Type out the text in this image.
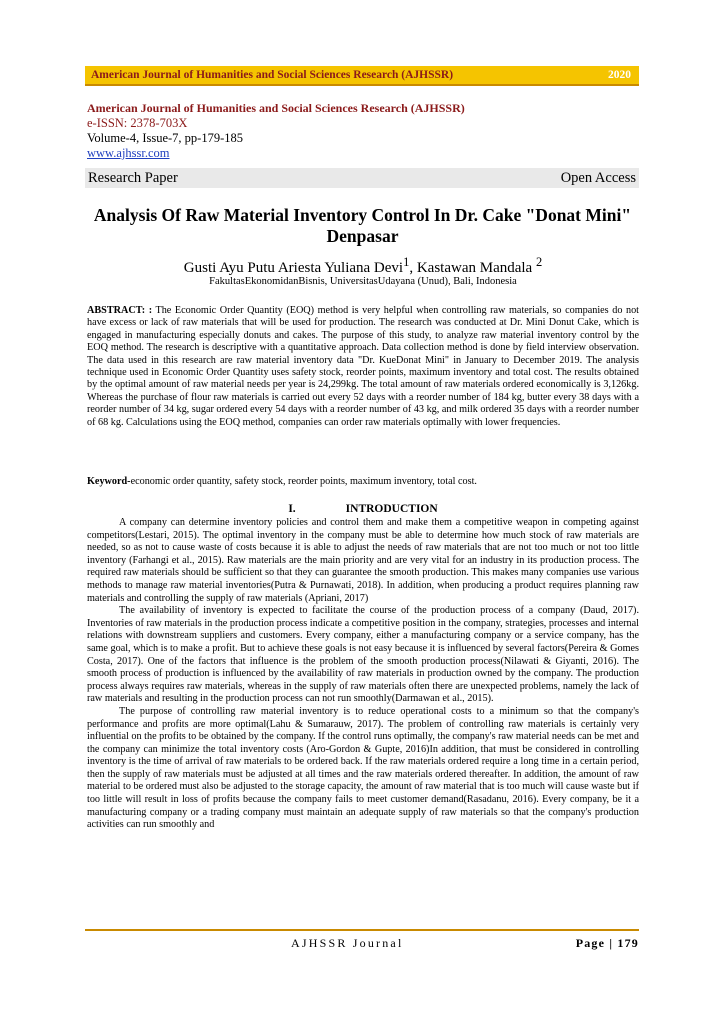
American Journal of Humanities and Social Sciences Research (AJHSSR)	2020
American Journal of Humanities and Social Sciences Research (AJHSSR)
e-ISSN: 2378-703X
Volume-4, Issue-7, pp-179-185
www.ajhssr.com
Research Paper	Open Access
Analysis Of Raw Material Inventory Control In Dr. Cake "Donat Mini" Denpasar
Gusti Ayu Putu Ariesta Yuliana Devi$^1$, Kastawan Mandala $^2$
FakultasEkonomidanBisnis, UniversitasUdayana (Unud), Bali, Indonesia
ABSTRACT: : The Economic Order Quantity (EOQ) method is very helpful when controlling raw materials, so companies do not have excess or lack of raw materials that will be used for production. The research was conducted at Dr. Mini Donut Cake, which is engaged in manufacturing especially donuts and cakes. The purpose of this study, to analyze raw material inventory control by the EOQ method. The research is descriptive with a quantitative approach. Data collection method is done by field interview observation. The data used in this research are raw material inventory data "Dr. KueDonat Mini" in January to December 2019. The analysis technique used in Economic Order Quantity uses safety stock, reorder points, maximum inventory and total cost. The results obtained by the optimal amount of raw material needs per year is 24,299kg. The total amount of raw materials ordered economically is 3,126kg. Whereas the purchase of flour raw materials is carried out every 52 days with a reorder number of 184 kg, butter every 38 days with a reorder number of 34 kg, sugar ordered every 54 days with a reorder number of 43 kg, and milk ordered 35 days with a reorder number of 68 kg. Calculations using the EOQ method, companies can order raw materials optimally with lower frequencies.
Keyword-economic order quantity, safety stock, reorder points, maximum inventory, total cost.
I.	INTRODUCTION

A company can determine inventory policies and control them and make them a competitive weapon in competing against competitors(Lestari, 2015). The optimal inventory in the company must be able to determine how much stock of raw materials are needed, so as not to cause waste of costs because it is able to adjust the needs of raw materials that are not too much or not too little inventory (Farhangi et al., 2015). Raw materials are the main priority and are very vital for an industry in its production process. The required raw materials should be sufficient so that they can guarantee the smooth production. This makes many companies use various methods to manage raw material inventories(Putra & Purnawati, 2018). In addition, when producing a product requires planning raw materials and controlling the supply of raw materials (Apriani, 2017)

The availability of inventory is expected to facilitate the course of the production process of a company (Daud, 2017). Inventories of raw materials in the production process indicate a competitive position in the company, strategies, processes and internal relations with downstream suppliers and customers. Every company, either a manufacturing company or a service company, has the same goal, which is to make a profit. But to achieve these goals is not easy because it is influenced by several factors(Pereira & Gomes Costa, 2017). One of the factors that influence is the problem of the smooth production process(Nilawati & Giyanti, 2016). The smooth process of production is influenced by the availability of raw materials in production owned by the company. The production process always requires raw materials, whereas in the supply of raw materials often there are unexpected problems, namely the lack of raw materials and resulting in the production process can not run smoothly(Darmawan et al., 2015).

The purpose of controlling raw material inventory is to reduce operational costs to a minimum so that the company's performance and profits are more optimal(Lahu & Sumarauw, 2017). The problem of controlling raw materials is certainly very influential on the profits to be obtained by the company. If the control runs optimally, the company's raw material needs can be met and the company can minimize the total inventory costs (Aro-Gordon & Gupte, 2016)In addition, that must be considered in controlling inventory is the time of arrival of raw materials to be ordered back. If the raw materials ordered require a long time in a certain period, then the supply of raw materials must be adjusted at all times and the raw materials ordered thereafter. In addition, the amount of raw material to be ordered must also be adjusted to the storage capacity, the amount of raw material that is too much will cause waste but if too little will result in loss of profits because the company fails to meet customer demand(Rasadanu, 2016). Every company, be it a manufacturing company or a trading company must maintain an adequate supply of raw materials so that the company's production activities can run smoothly and

AJHSSR Journal	Page | 179
